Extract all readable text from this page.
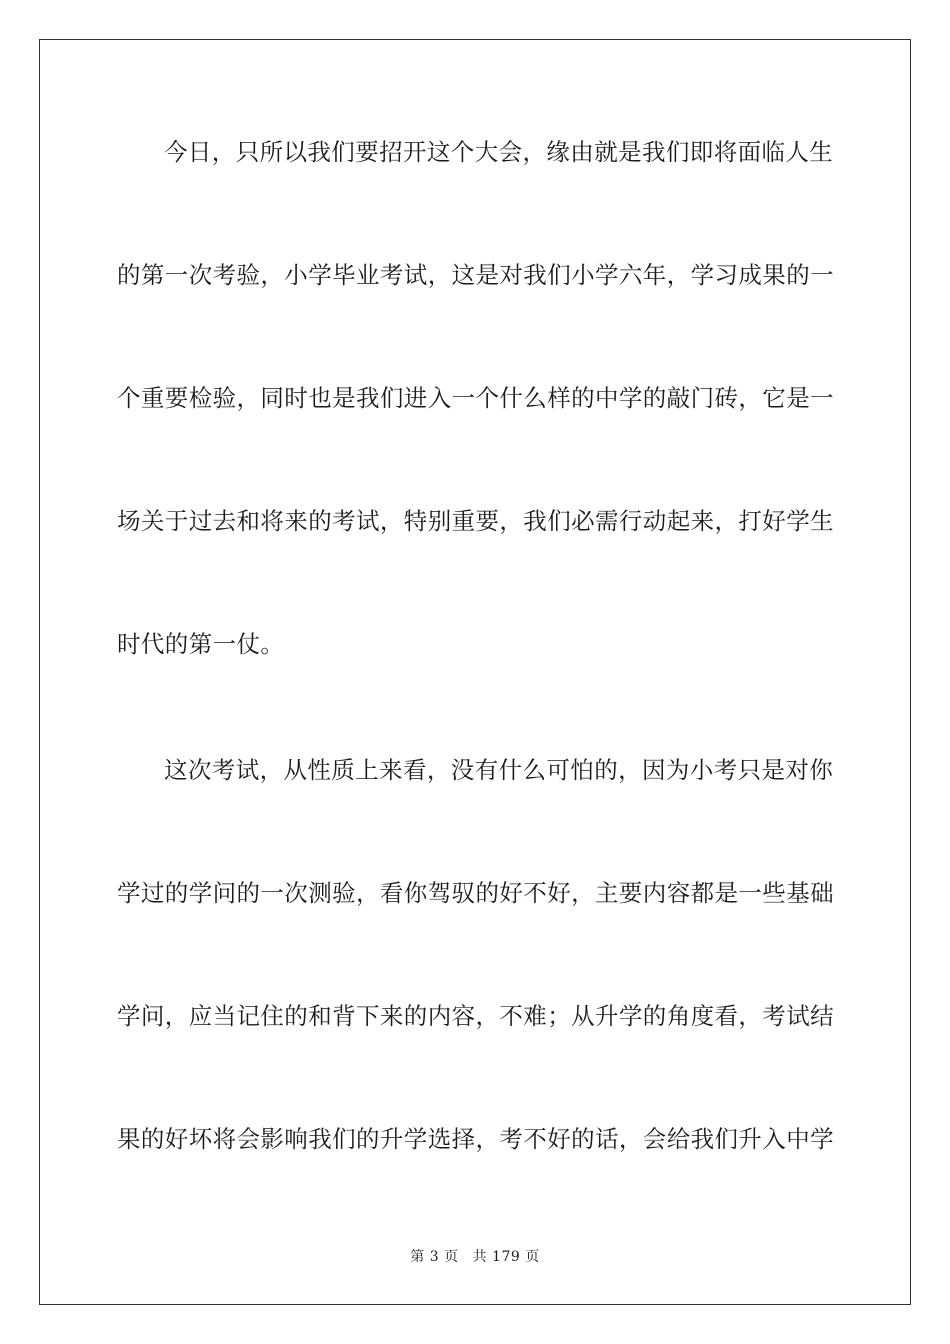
今日，只所以我们要招开这个大会，缘由就是我们即将面临人生
的第一次考验，小学毕业考试，这是对我们小学六年，学习成果的一
个重要检验，同时也是我们进入一个什么样的中学的敲门砖，它是一
场关于过去和将来的考试，特别重要，我们必需行动起来，打好学生
时代的第一仗。
这次考试，从性质上来看，没有什么可怕的，因为小考只是对你
学过的学问的一次测验，看你驾驭的好不好，主要内容都是一些基础
学问，应当记住的和背下来的内容，不难；从升学的角度看，考试结
果的好坏将会影响我们的升学选择，考不好的话，会给我们升入中学
第 3 页 共 179 页
